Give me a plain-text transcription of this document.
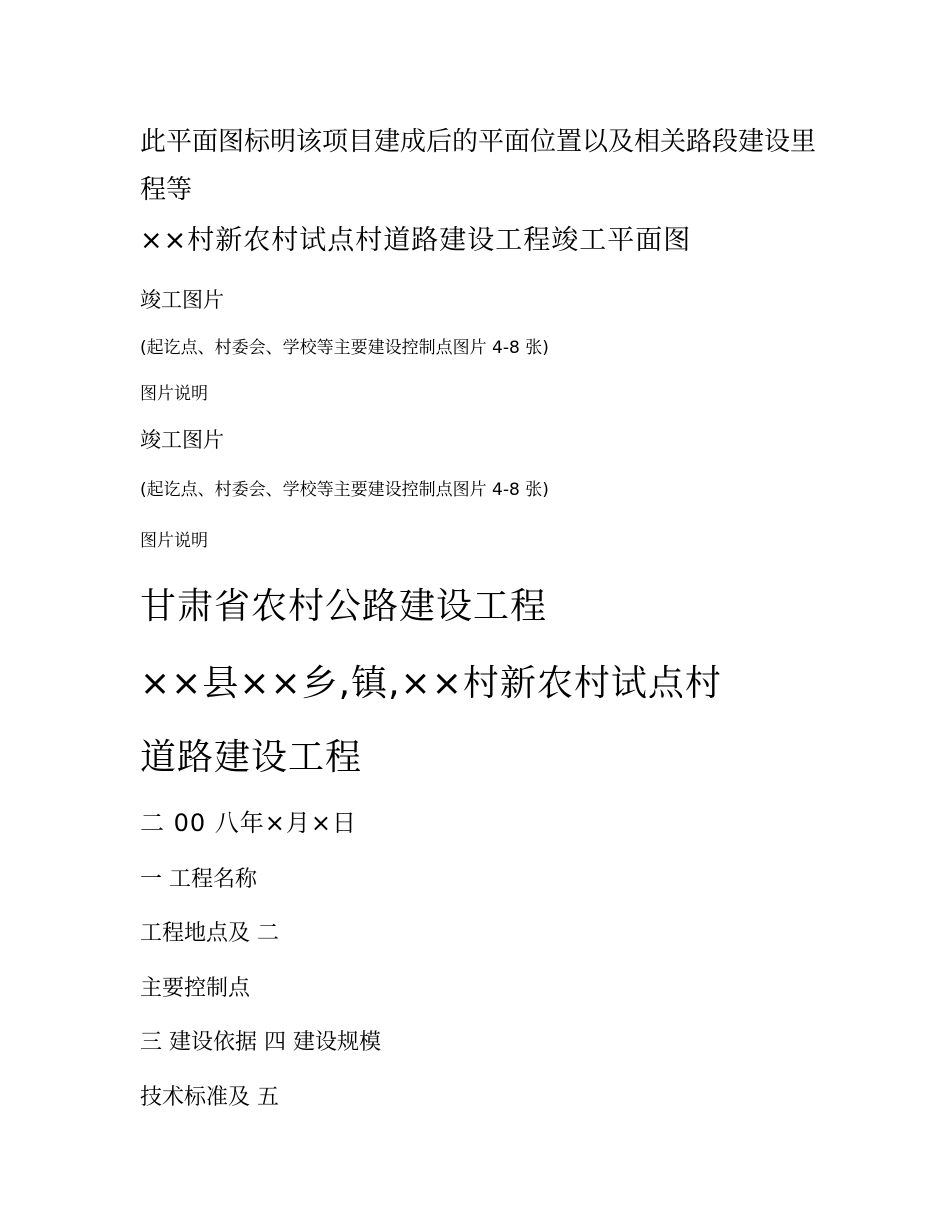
此平面图标明该项目建成后的平面位置以及相关路段建设里程等
××村新农村试点村道路建设工程竣工平面图
竣工图片
(起讫点、村委会、学校等主要建设控制点图片 4-8 张)
图片说明
竣工图片
(起讫点、村委会、学校等主要建设控制点图片 4-8 张)
图片说明
甘肃省农村公路建设工程
××县××乡,镇,××村新农村试点村
道路建设工程
二 00 八年×月×日
一 工程名称
工程地点及 二
主要控制点
三 建设依据 四 建设规模
技术标准及 五
